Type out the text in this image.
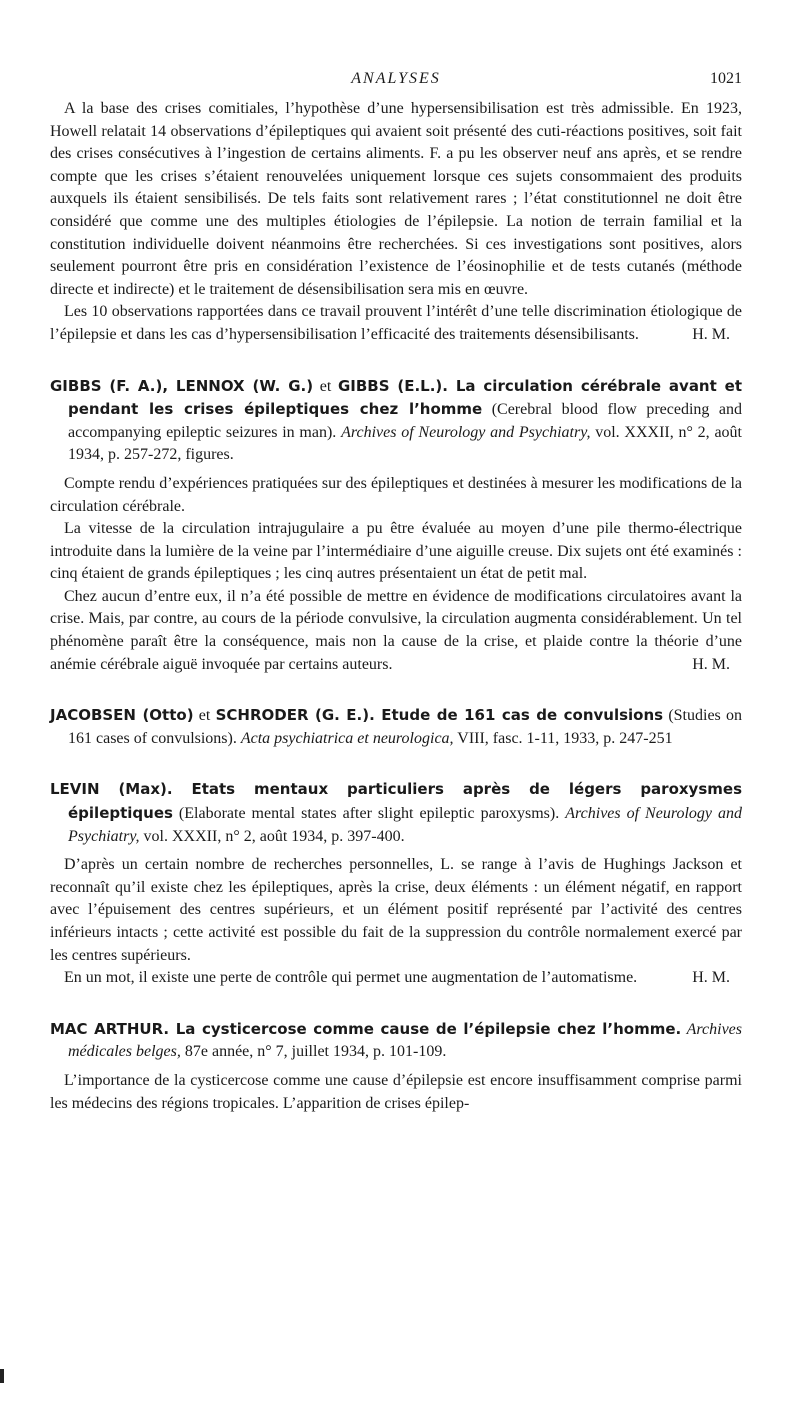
ANALYSES	1021

A la base des crises comitiales, l’hypothèse d’une hypersensibilisation est très admissible. En 1923, Howell relatait 14 observations d’épileptiques qui avaient soit présenté des cuti-réactions positives, soit fait des crises consécutives à l’ingestion de certains aliments. F. a pu les observer neuf ans après, et se rendre compte que les crises s’étaient renouvelées uniquement lorsque ces sujets consommaient des produits auxquels ils étaient sensibilisés. De tels faits sont relativement rares ; l’état constitutionnel ne doit être considéré que comme une des multiples étiologies de l’épilepsie. La notion de terrain familial et la constitution individuelle doivent néanmoins être recherchées. Si ces investigations sont positives, alors seulement pourront être pris en considération l’existence de l’éosinophilie et de tests cutanés (méthode directe et indirecte) et le traitement de désensibilisation sera mis en œuvre.

Les 10 observations rapportées dans ce travail prouvent l’intérêt d’une telle discrimination étiologique de l’épilepsie et dans les cas d’hypersensibilisation l’efficacité des traitements désensibilisants.	H. M.

GIBBS (F. A.), LENNOX (W. G.) et GIBBS (E.L.). La circulation cérébrale avant et pendant les crises épileptiques chez l’homme (Cerebral blood flow preceding and accompanying epileptic seizures in man). Archives of Neurology and Psychiatry, vol. XXXII, n° 2, août 1934, p. 257-272, figures.

Compte rendu d’expériences pratiquées sur des épileptiques et destinées à mesurer les modifications de la circulation cérébrale.

La vitesse de la circulation intrajugulaire a pu être évaluée au moyen d’une pile thermo-électrique introduite dans la lumière de la veine par l’intermédiaire d’une aiguille creuse. Dix sujets ont été examinés : cinq étaient de grands épileptiques ; les cinq autres présentaient un état de petit mal.

Chez aucun d’entre eux, il n’a été possible de mettre en évidence de modifications circulatoires avant la crise. Mais, par contre, au cours de la période convulsive, la circulation augmenta considérablement. Un tel phénomène paraît être la conséquence, mais non la cause de la crise, et plaide contre la théorie d’une anémie cérébrale aiguë invoquée par certains auteurs.	H. M.

JACOBSEN (Otto) et SCHRODER (G. E.). Etude de 161 cas de convulsions (Studies on 161 cases of convulsions). Acta psychiatrica et neurologica, VIII, fasc. 1-11, 1933, p. 247-251

LEVIN (Max). Etats mentaux particuliers après de légers paroxysmes épileptiques (Elaborate mental states after slight epileptic paroxysms). Archives of Neurology and Psychiatry, vol. XXXII, n° 2, août 1934, p. 397-400.

D’après un certain nombre de recherches personnelles, L. se range à l’avis de Hughings Jackson et reconnaît qu’il existe chez les épileptiques, après la crise, deux éléments : un élément négatif, en rapport avec l’épuisement des centres supérieurs, et un élément positif représenté par l’activité des centres inférieurs intacts ; cette activité est possible du fait de la suppression du contrôle normalement exercé par les centres supérieurs.

En un mot, il existe une perte de contrôle qui permet une augmentation de l’automatisme.	H. M.

MAC ARTHUR. La cysticercose comme cause de l’épilepsie chez l’homme. Archives médicales belges, 87e année, n° 7, juillet 1934, p. 101-109.

L’importance de la cysticercose comme une cause d’épilepsie est encore insuffisamment comprise parmi les médecins des régions tropicales. L’apparition de crises épilep-
